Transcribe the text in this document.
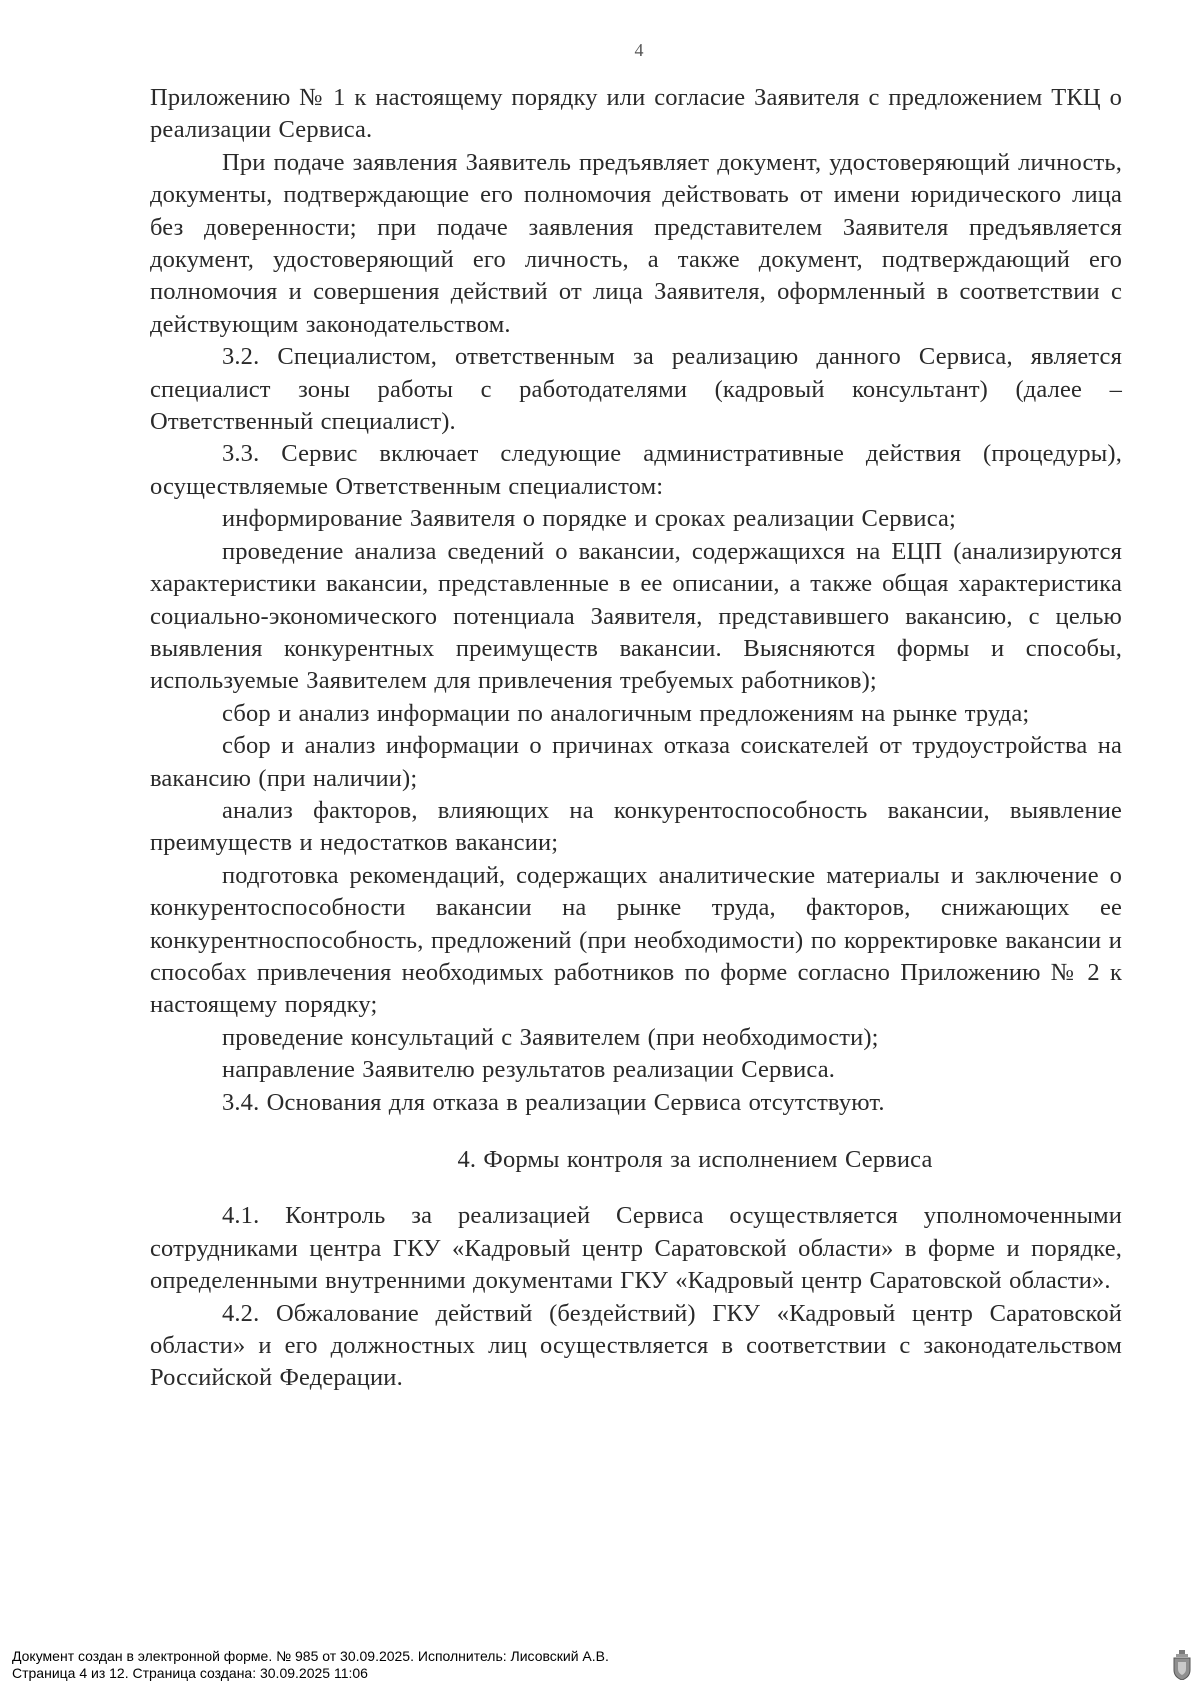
4

Приложению № 1 к настоящему порядку или согласие Заявителя с предложением ТКЦ о реализации Сервиса.

При подаче заявления Заявитель предъявляет документ, удостоверяющий личность, документы, подтверждающие его полномочия действовать от имени юридического лица без доверенности; при подаче заявления представителем Заявителя предъявляется документ, удостоверяющий его личность, а также документ, подтверждающий его полномочия и совершения действий от лица Заявителя, оформленный в соответствии с действующим законодательством.

3.2. Специалистом, ответственным за реализацию данного Сервиса, является специалист зоны работы с работодателями (кадровый консультант) (далее – Ответственный специалист).

3.3. Сервис включает следующие административные действия (процедуры), осуществляемые Ответственным специалистом:

информирование Заявителя о порядке и сроках реализации Сервиса;

проведение анализа сведений о вакансии, содержащихся на ЕЦП (анализируются характеристики вакансии, представленные в ее описании, а также общая характеристика социально-экономического потенциала Заявителя, представившего вакансию, с целью выявления конкурентных преимуществ вакансии. Выясняются формы и способы, используемые Заявителем для привлечения требуемых работников);

сбор и анализ информации по аналогичным предложениям на рынке труда;

сбор и анализ информации о причинах отказа соискателей от трудоустройства на вакансию (при наличии);

анализ факторов, влияющих на конкурентоспособность вакансии, выявление преимуществ и недостатков вакансии;

подготовка рекомендаций, содержащих аналитические материалы и заключение о конкурентоспособности вакансии на рынке труда, факторов, снижающих ее конкурентноспособность, предложений (при необходимости) по корректировке вакансии и способах привлечения необходимых работников по форме согласно Приложению № 2 к настоящему порядку;

проведение консультаций с Заявителем (при необходимости);

направление Заявителю результатов реализации Сервиса.

3.4. Основания для отказа в реализации Сервиса отсутствуют.

4. Формы контроля за исполнением Сервиса

4.1. Контроль за реализацией Сервиса осуществляется уполномоченными сотрудниками центра ГКУ «Кадровый центр Саратовской области» в форме и порядке, определенными внутренними документами ГКУ «Кадровый центр Саратовской области».

4.2. Обжалование действий (бездействий) ГКУ «Кадровый центр Саратовской области» и его должностных лиц осуществляется в соответствии с законодательством Российской Федерации.

Документ создан в электронной форме. № 985 от 30.09.2025. Исполнитель: Лисовский А.В.
Страница 4 из 12. Страница создана: 30.09.2025 11:06
